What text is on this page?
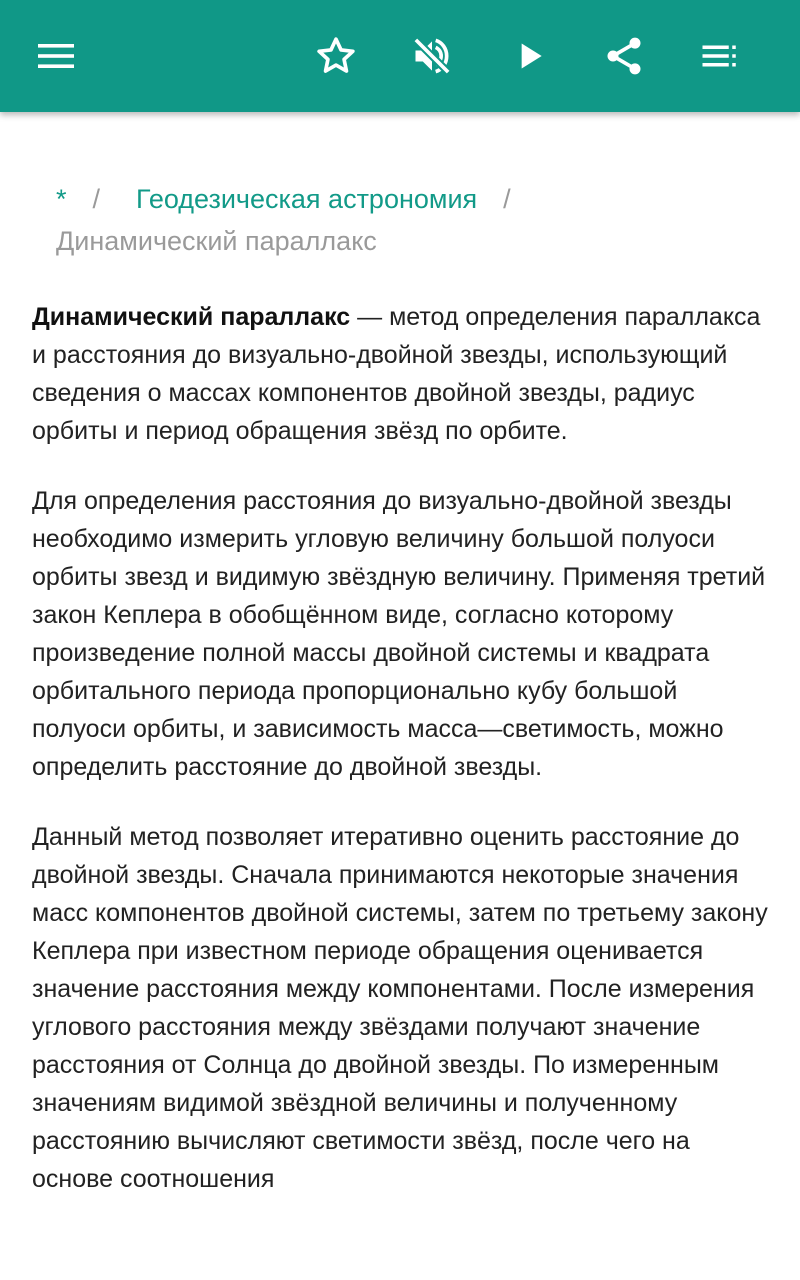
* / Геодезическая астрономия /
Динамический параллакс

Динамический параллакс — метод определения параллакса и расстояния до визуально-двойной звезды, использующий сведения о массах компонентов двойной звезды, радиус орбиты и период обращения звёзд по орбите.

Для определения расстояния до визуально-двойной звезды необходимо измерить угловую величину большой полуоси орбиты звезд и видимую звёздную величину. Применяя третий закон Кеплера в обобщённом виде, согласно которому произведение полной массы двойной системы и квадрата орбитального периода пропорционально кубу большой полуоси орбиты, и зависимость масса—светимость, можно определить расстояние до двойной звезды.

Данный метод позволяет итеративно оценить расстояние до двойной звезды. Сначала принимаются некоторые значения масс компонентов двойной системы, затем по третьему закону Кеплера при известном периоде обращения оценивается значение расстояния между компонентами. После измерения углового расстояния между звёздами получают значение расстояния от Солнца до двойной звезды. По измеренным значениям видимой звёздной величины и полученному расстоянию вычисляют светимости звёзд, после чего на основе соотношения
